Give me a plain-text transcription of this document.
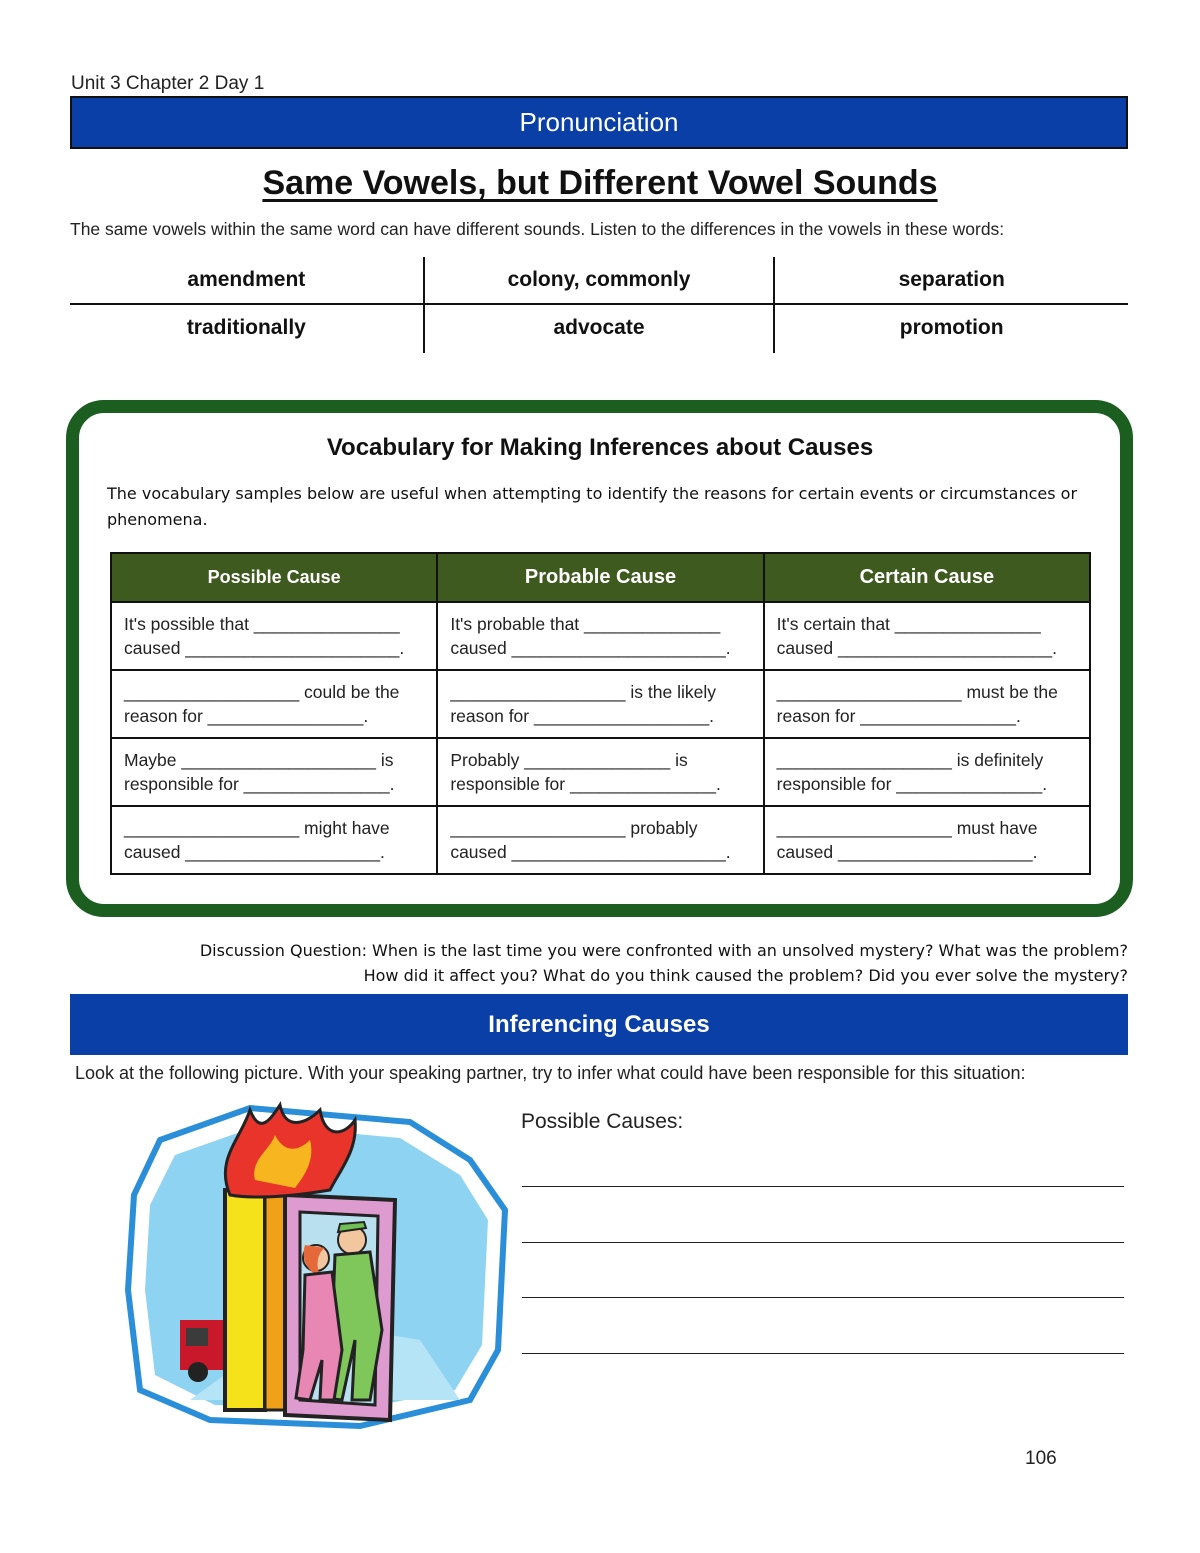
Unit 3 Chapter 2 Day 1
Pronunciation
Same Vowels, but Different Vowel Sounds
The same vowels within the same word can have different sounds. Listen to the differences in the vowels in these words:
amendment	colony, commonly	separation
traditionally	advocate	promotion
Vocabulary for Making Inferences about Causes
The vocabulary samples below are useful when attempting to identify the reasons for certain events or circumstances or phenomena.
Possible Cause	Probable Cause	Certain Cause
It's possible that _______________ caused ______________________.	It's probable that ______________ caused ______________________.	It's certain that _______________ caused ______________________.
__________________ could be the reason for ________________.	__________________ is the likely reason for __________________.	___________________ must be the reason for ________________.
Maybe ____________________ is responsible for _______________.	Probably _______________ is responsible for _______________.	__________________ is definitely responsible for _______________.
__________________ might have caused ____________________.	__________________ probably caused ______________________.	__________________ must have caused ____________________.
Discussion Question: When is the last time you were confronted with an unsolved mystery? What was the problem?
How did it affect you? What do you think caused the problem? Did you ever solve the mystery?
Inferencing Causes
Look at the following picture. With your speaking partner, try to infer what could have been responsible for this situation:
Possible Causes:
106
